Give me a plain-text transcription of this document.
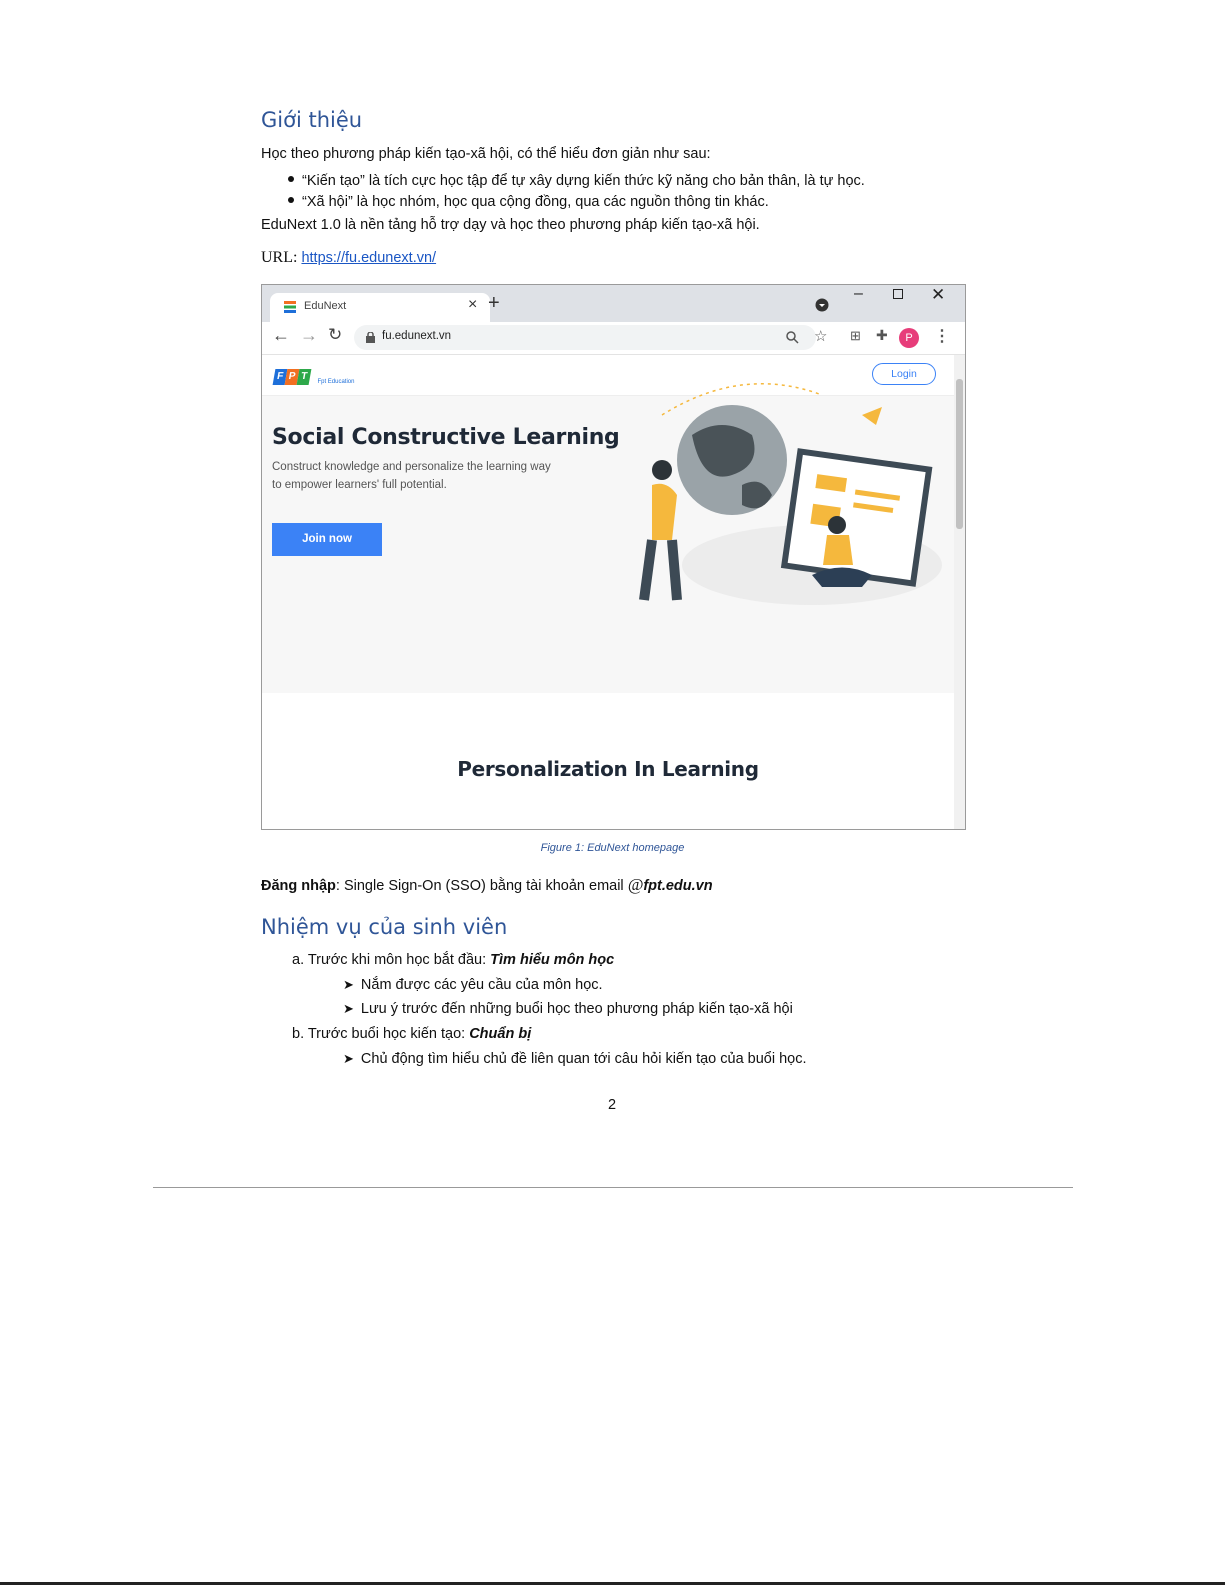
Giới thiệu
Học theo phương pháp kiến tạo-xã hội, có thể hiểu đơn giản như sau:
“Kiến tạo” là tích cực học tập để tự xây dựng kiến thức kỹ năng cho bản thân, là tự học.
“Xã hội” là học nhóm, học qua cộng đồng, qua các nguồn thông tin khác.
EduNext 1.0 là nền tảng hỗ trợ dạy và học theo phương pháp kiến tạo-xã hội.
URL: https://fu.edunext.vn/
EduNext	× +	–	✕
← → ↻	fu.edunext.vn	☆ ⊞ ✚	P	⋮
F P T Fpt Education
Login
Social Constructive Learning
Construct knowledge and personalize the learning way
to empower learners' full potential.
Join now
Personalization In Learning
Figure 1: EduNext homepage
Đăng nhập: Single Sign-On (SSO) bằng tài khoản email @fpt.edu.vn
Nhiệm vụ của sinh viên
a. Trước khi môn học bắt đầu: Tìm hiểu môn học
➤ Nắm được các yêu cầu của môn học.
➤ Lưu ý trước đến những buổi học theo phương pháp kiến tạo-xã hội
b. Trước buổi học kiến tạo: Chuẩn bị
➤ Chủ động tìm hiểu chủ đề liên quan tới câu hỏi kiến tạo của buổi học.
2
